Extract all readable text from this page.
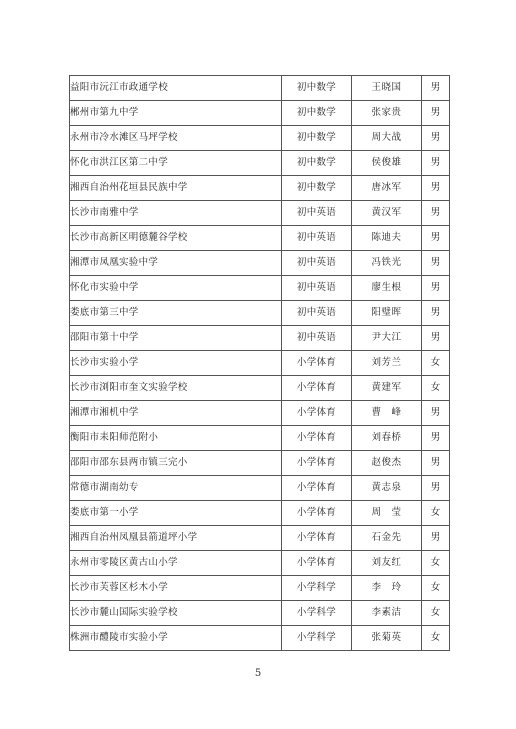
益阳市沅江市政通学校	初中数学	王晓国	男
郴州市第九中学	初中数学	张家贵	男
永州市冷水滩区马坪学校	初中数学	周大战	男
怀化市洪江区第二中学	初中数学	侯俊雄	男
湘西自治州花垣县民族中学	初中数学	唐冰军	男
长沙市南雅中学	初中英语	黄汉军	男
长沙市高新区明德麓谷学校	初中英语	陈迪夫	男
湘潭市凤凰实验中学	初中英语	冯铁光	男
怀化市实验中学	初中英语	廖生根	男
娄底市第三中学	初中英语	阳璧晖	男
邵阳市第十中学	初中英语	尹大江	男
长沙市实验小学	小学体育	刘芳兰	女
长沙市浏阳市奎文实验学校	小学体育	黄建军	女
湘潭市湘机中学	小学体育	曹　峰	男
衡阳市耒阳师范附小	小学体育	刘春桥	男
邵阳市邵东县两市镇三完小	小学体育	赵俊杰	男
常德市湖南幼专	小学体育	黄志泉	男
娄底市第一小学	小学体育	周　莹	女
湘西自治州凤凰县箭道坪小学	小学体育	石金先	男
永州市零陵区黄古山小学	小学体育	刘友红	女
长沙市芙蓉区杉木小学	小学科学	李　玲	女
长沙市麓山国际实验学校	小学科学	李素洁	女
株洲市醴陵市实验小学	小学科学	张菊英	女
5
